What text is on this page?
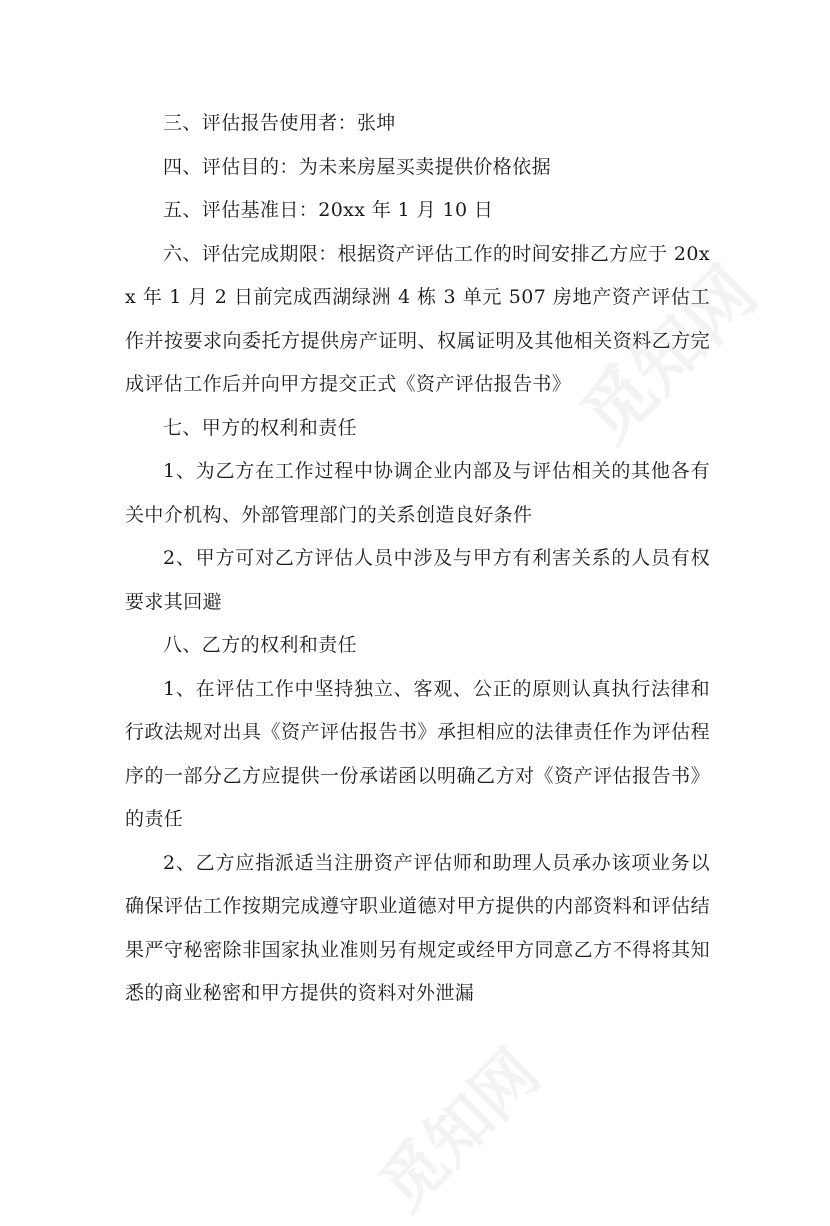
觅知网
觅知网

三、评估报告使用者：张坤

四、评估目的：为未来房屋买卖提供价格依据

五、评估基准日：20xx 年 1 月 10 日

六、评估完成期限：根据资产评估工作的时间安排乙方应于 20xx 年 1 月 2 日前完成西湖绿洲 4 栋 3 单元 507 房地产资产评估工作并按要求向委托方提供房产证明、权属证明及其他相关资料乙方完成评估工作后并向甲方提交正式《资产评估报告书》

七、甲方的权利和责任

1、为乙方在工作过程中协调企业内部及与评估相关的其他各有关中介机构、外部管理部门的关系创造良好条件

2、甲方可对乙方评估人员中涉及与甲方有利害关系的人员有权要求其回避

八、乙方的权利和责任

1、在评估工作中坚持独立、客观、公正的原则认真执行法律和行政法规对出具《资产评估报告书》承担相应的法律责任作为评估程序的一部分乙方应提供一份承诺函以明确乙方对《资产评估报告书》的责任

2、乙方应指派适当注册资产评估师和助理人员承办该项业务以确保评估工作按期完成遵守职业道德对甲方提供的内部资料和评估结果严守秘密除非国家执业准则另有规定或经甲方同意乙方不得将其知悉的商业秘密和甲方提供的资料对外泄漏
